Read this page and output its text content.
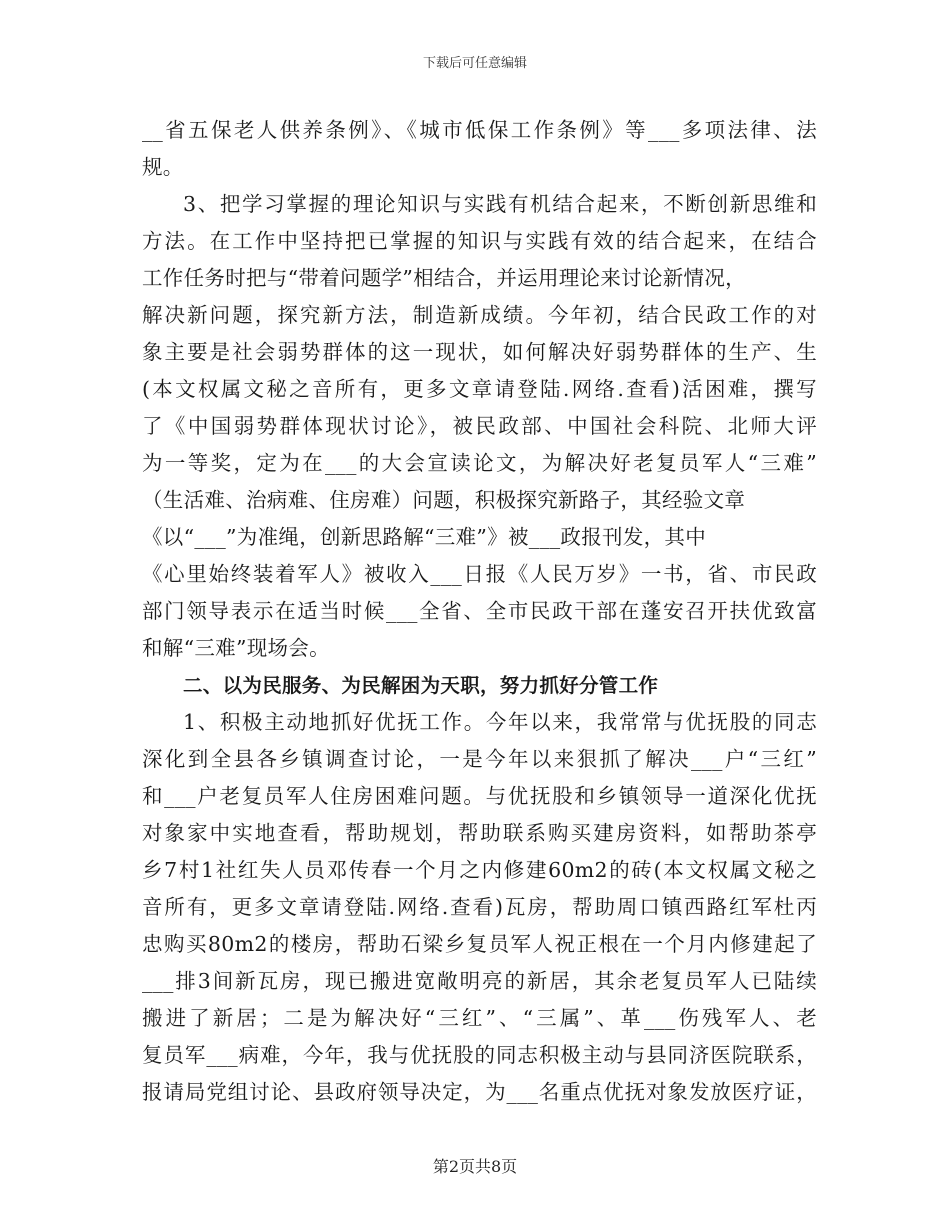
下载后可任意编辑
__省五保老人供养条例》、《城市低保工作条例》等___多项法律、法
规。
3、把学习掌握的理论知识与实践有机结合起来，不断创新思维和
方法。在工作中坚持把已掌握的知识与实践有效的结合起来，在结合
工作任务时把与“带着问题学”相结合，并运用理论来讨论新情况，
解决新问题，探究新方法，制造新成绩。今年初，结合民政工作的对
象主要是社会弱势群体的这一现状，如何解决好弱势群体的生产、生
(本文权属文秘之音所有，更多文章请登陆.网络.查看)活困难，撰写
了《中国弱势群体现状讨论》，被民政部、中国社会科院、北师大评
为一等奖，定为在___的大会宣读论文，为解决好老复员军人“三难”
（生活难、治病难、住房难）问题，积极探究新路子，其经验文章
《以“___”为准绳，创新思路解“三难”》被___政报刊发，其中
《心里始终装着军人》被收入___日报《人民万岁》一书，省、市民政
部门领导表示在适当时候___全省、全市民政干部在蓬安召开扶优致富
和解“三难”现场会。
二、以为民服务、为民解困为天职，努力抓好分管工作
1、积极主动地抓好优抚工作。今年以来，我常常与优抚股的同志
深化到全县各乡镇调查讨论，一是今年以来狠抓了解决___户“三红”
和___户老复员军人住房困难问题。与优抚股和乡镇领导一道深化优抚
对象家中实地查看，帮助规划，帮助联系购买建房资料，如帮助茶亭
乡7村1社红失人员邓传春一个月之内修建60m2的砖(本文权属文秘之
音所有，更多文章请登陆.网络.查看)瓦房，帮助周口镇西路红军杜丙
忠购买80m2的楼房，帮助石梁乡复员军人祝正根在一个月内修建起了
___排3间新瓦房，现已搬进宽敞明亮的新居，其余老复员军人已陆续
搬进了新居；二是为解决好“三红”、“三属”、革___伤残军人、老
复员军___病难，今年，我与优抚股的同志积极主动与县同济医院联系，
报请局党组讨论、县政府领导决定，为___名重点优抚对象发放医疗证，
第2页共8页
